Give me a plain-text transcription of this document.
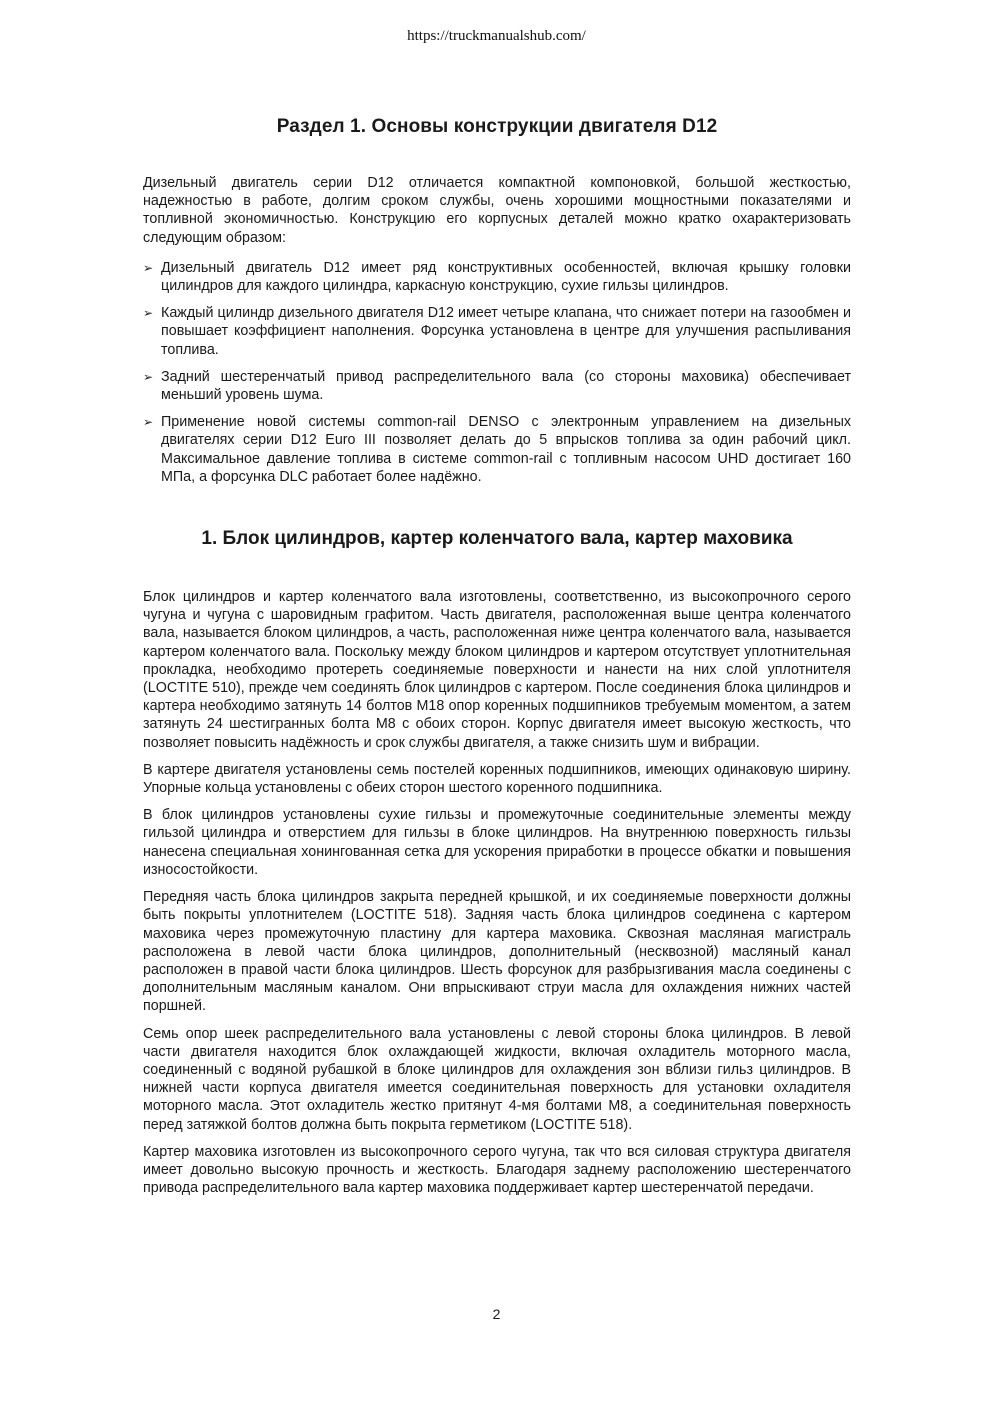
https://truckmanualshub.com/
Раздел 1. Основы конструкции двигателя D12

Дизельный двигатель серии D12 отличается компактной компоновкой, большой жесткостью, надежностью в работе, долгим сроком службы, очень хорошими мощностными показателями и топливной экономичностью. Конструкцию его корпусных деталей можно кратко охарактеризовать следующим образом:

➢ Дизельный двигатель D12 имеет ряд конструктивных особенностей, включая крышку головки цилиндров для каждого цилиндра, каркасную конструкцию, сухие гильзы цилиндров.
➢ Каждый цилиндр дизельного двигателя D12 имеет четыре клапана, что снижает потери на газообмен и повышает коэффициент наполнения. Форсунка установлена в центре для улучшения распыливания топлива.
➢ Задний шестеренчатый привод распределительного вала (со стороны маховика) обеспечивает меньший уровень шума.
➢ Применение новой системы common-rail DENSO с электронным управлением на дизельных двигателях серии D12 Euro III позволяет делать до 5 впрысков топлива за один рабочий цикл. Максимальное давление топлива в системе common-rail с топливным насосом UHD достигает 160 МПа, а форсунка DLC работает более надёжно.
1. Блок цилиндров, картер коленчатого вала, картер маховика

Блок цилиндров и картер коленчатого вала изготовлены, соответственно, из высокопрочного серого чугуна и чугуна с шаровидным графитом. Часть двигателя, расположенная выше центра коленчатого вала, называется блоком цилиндров, а часть, расположенная ниже центра коленчатого вала, называется картером коленчатого вала. Поскольку между блоком цилиндров и картером отсутствует уплотнительная прокладка, необходимо протереть соединяемые поверхности и нанести на них слой уплотнителя (LOCTITE 510), прежде чем соединять блок цилиндров с картером. После соединения блока цилиндров и картера необходимо затянуть 14 болтов M18 опор коренных подшипников требуемым моментом, а затем затянуть 24 шестигранных болта M8 с обоих сторон. Корпус двигателя имеет высокую жесткость, что позволяет повысить надёжность и срок службы двигателя, а также снизить шум и вибрации.

В картере двигателя установлены семь постелей коренных подшипников, имеющих одинаковую ширину. Упорные кольца установлены с обеих сторон шестого коренного подшипника.

В блок цилиндров установлены сухие гильзы и промежуточные соединительные элементы между гильзой цилиндра и отверстием для гильзы в блоке цилиндров. На внутреннюю поверхность гильзы нанесена специальная хонингованная сетка для ускорения приработки в процессе обкатки и повышения износостойкости.

Передняя часть блока цилиндров закрыта передней крышкой, и их соединяемые поверхности должны быть покрыты уплотнителем (LOCTITE 518). Задняя часть блока цилиндров соединена с картером маховика через промежуточную пластину для картера маховика. Сквозная масляная магистраль расположена в левой части блока цилиндров, дополнительный (несквозной) масляный канал расположен в правой части блока цилиндров. Шесть форсунок для разбрызгивания масла соединены с дополнительным масляным каналом. Они впрыскивают струи масла для охлаждения нижних частей поршней.

Семь опор шеек распределительного вала установлены с левой стороны блока цилиндров. В левой части двигателя находится блок охлаждающей жидкости, включая охладитель моторного масла, соединенный с водяной рубашкой в блоке цилиндров для охлаждения зон вблизи гильз цилиндров. В нижней части корпуса двигателя имеется соединительная поверхность для установки охладителя моторного масла. Этот охладитель жестко притянут 4-мя болтами M8, а соединительная поверхность перед затяжкой болтов должна быть покрыта герметиком (LOCTITE 518).

Картер маховика изготовлен из высокопрочного серого чугуна, так что вся силовая структура двигателя имеет довольно высокую прочность и жесткость. Благодаря заднему расположению шестеренчатого привода распределительного вала картер маховика поддерживает картер шестеренчатой передачи.

2
